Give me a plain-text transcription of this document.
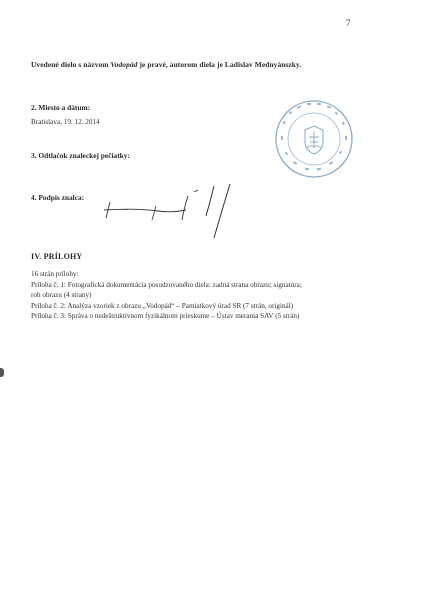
7
Uvedené dielo s názvom Vodopád je pravé, autorom diela je Ladislav Mednyánszky.
2. Miesto a dátum:
Bratislava, 19. 12. 2014
3. Odtlačok znaleckej pečiatky:
4. Podpis znalca:
IV. PRÍLOHY
16 strán prílohy:
Príloha č. 1: Fotografická dokumentácia posudzovaného diela: zadná strana obrazu; signatúra;
roh obrazu (4 strany)
Príloha č. 2: Analýza vzoriek z obrazu „Vodopád“ – Pamiatkový úrad SR (7 strán, originál)
Príloha č. 3: Správa o nedeštruktívnom fyzikálnom prieskume – Ústav merania SAV (5 strán)
